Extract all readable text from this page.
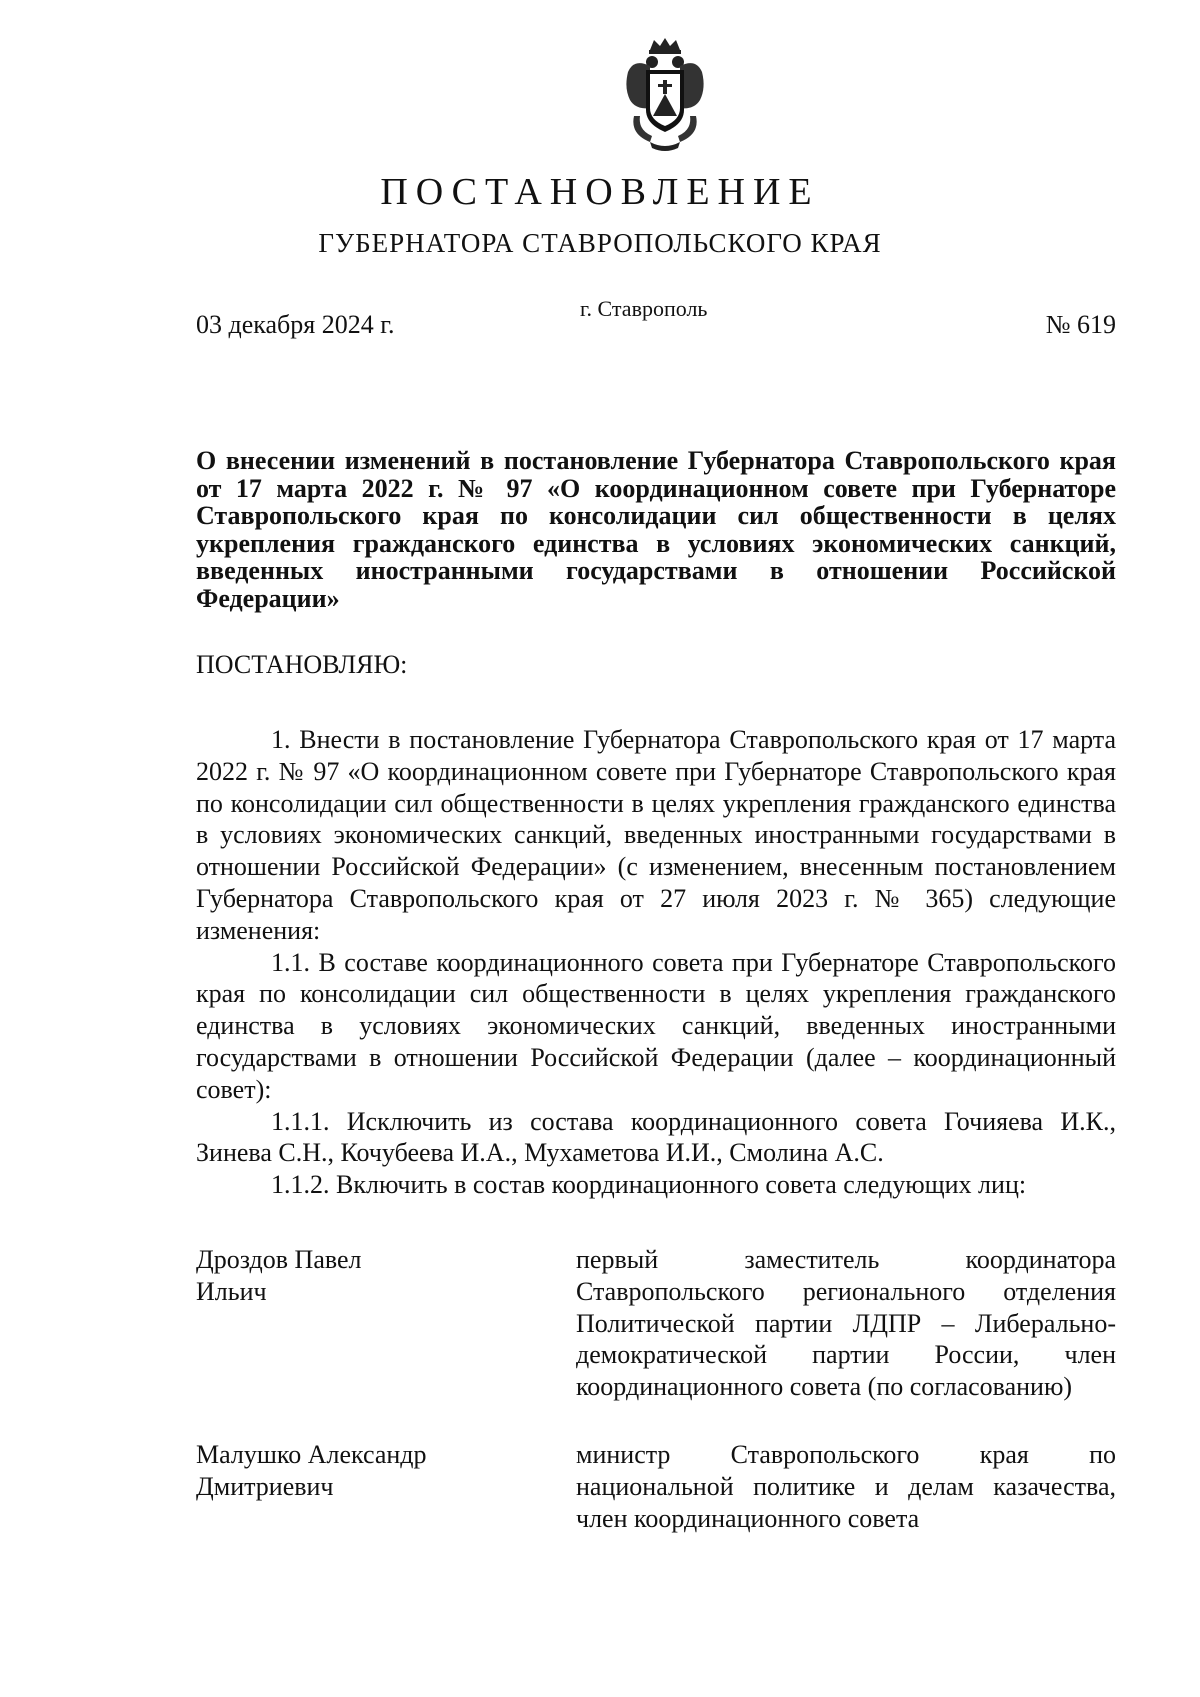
ПОСТАНОВЛЕНИЕ
ГУБЕРНАТОРА СТАВРОПОЛЬСКОГО КРАЯ
03 декабря 2024 г.
г. Ставрополь
№ 619
О внесении изменений в постановление Губернатора Ставропольского края от 17 марта 2022 г. № 97 «О координационном совете при Губернаторе Ставропольского края по консолидации сил общественности в целях укрепления гражданского единства в условиях экономических санкций, введенных иностранными государствами в отношении Российской Федерации»
ПОСТАНОВЛЯЮ:

1. Внести в постановление Губернатора Ставропольского края от 17 марта 2022 г. № 97 «О координационном совете при Губернаторе Ставропольского края по консолидации сил общественности в целях укрепления гражданского единства в условиях экономических санкций, введенных иностранными государствами в отношении Российской Федерации» (с изменением, внесенным постановлением Губернатора Ставропольского края от 27 июля 2023 г. № 365) следующие изменения:

1.1. В составе координационного совета при Губернаторе Ставропольского края по консолидации сил общественности в целях укрепления гражданского единства в условиях экономических санкций, введенных иностранными государствами в отношении Российской Федерации (далее – координационный совет):

1.1.1. Исключить из состава координационного совета Гочияева И.К., Зинева С.Н., Кочубеева И.А., Мухаметова И.И., Смолина А.С.

1.1.2. Включить в состав координационного совета следующих лиц:

Дроздов Павел
Ильич
первый заместитель координатора Ставропольского регионального отделения Политической партии ЛДПР – Либерально-демократической партии России, член координационного совета (по согласованию)
Малушко Александр
Дмитриевич
министр Ставропольского края по национальной политике и делам казачества, член координационного совета
